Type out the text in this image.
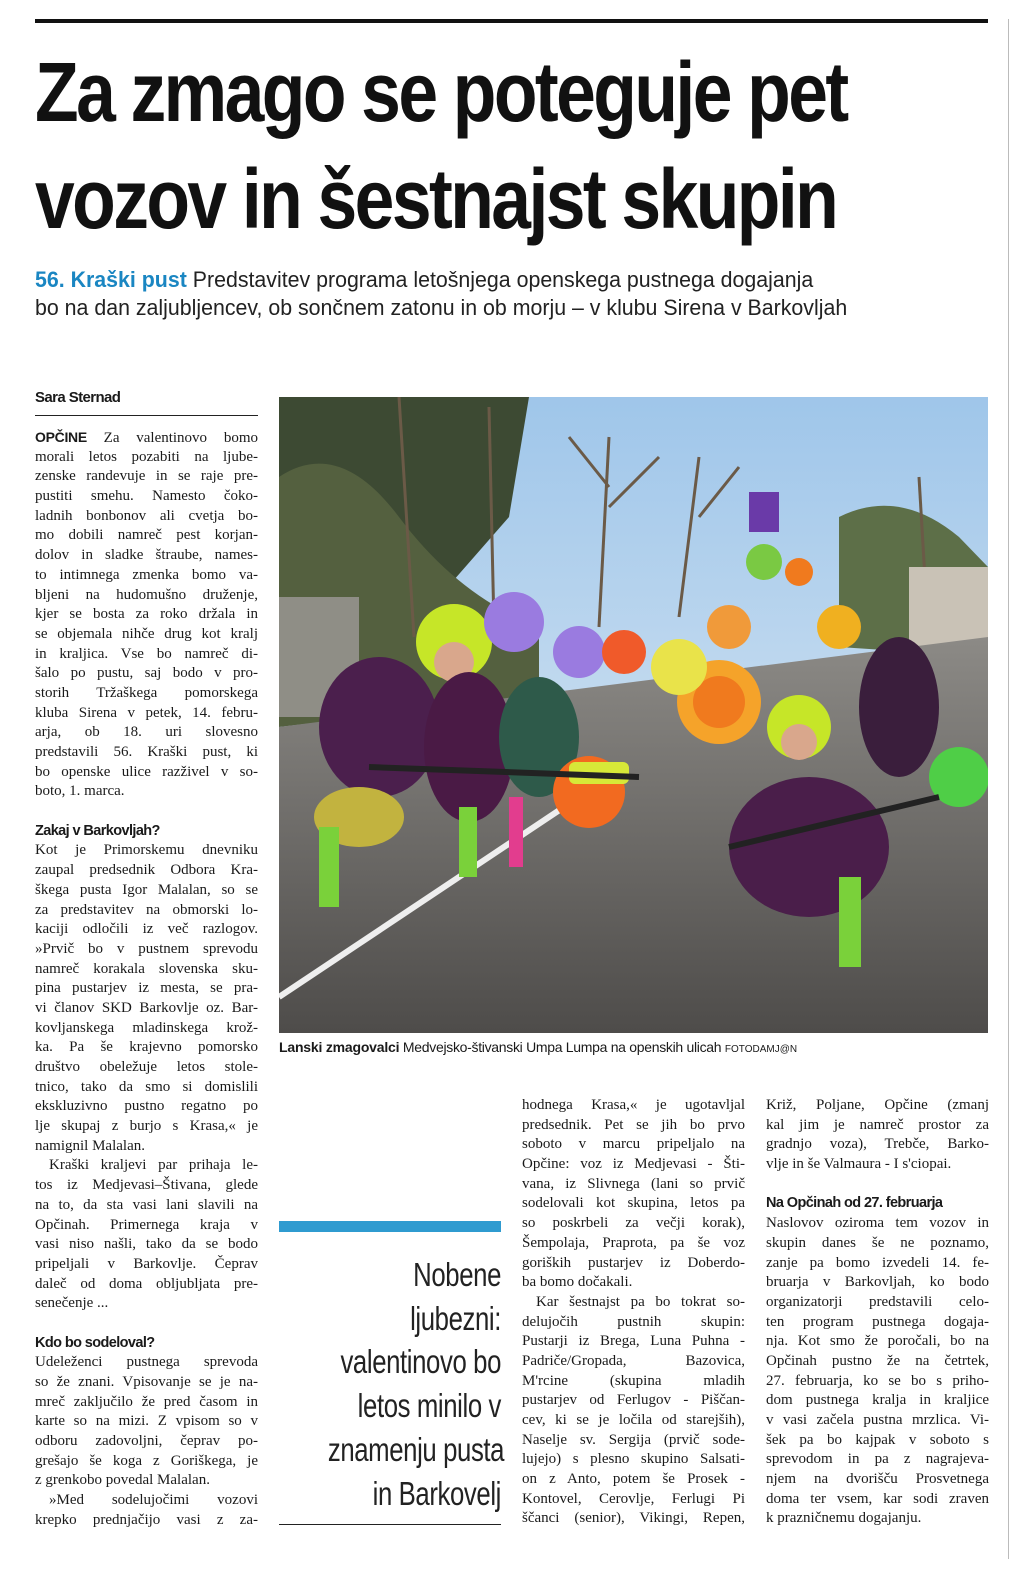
Za zmago se poteguje pet
vozov in šestnajst skupin
56. Kraški pust Predstavitev programa letošnjega openskega pustnega dogajanja
bo na dan zaljubljencev, ob sončnem zatonu in ob morju – v klubu Sirena v Barkovljah
Sara Sternad
OPČINE Za valentinovo bomo
morali letos pozabiti na ljube-
zenske randevuje in se raje pre-
pustiti smehu. Namesto čoko-
ladnih bonbonov ali cvetja bo-
mo dobili namreč pest korjan-
dolov in sladke štraube, names-
to intimnega zmenka bomo va-
bljeni na hudomušno druženje,
kjer se bosta za roko držala in
se objemala nihče drug kot kralj
in kraljica. Vse bo namreč di-
šalo po pustu, saj bodo v pro-
storih Tržaškega pomorskega
kluba Sirena v petek, 14. febru-
arja, ob 18. uri slovesno
predstavili 56. Kraški pust, ki
bo openske ulice razživel v so-
boto, 1. marca.
Zakaj v Barkovljah?
Kot je Primorskemu dnevniku
zaupal predsednik Odbora Kra-
škega pusta Igor Malalan, so se
za predstavitev na obmorski lo-
kaciji odločili iz več razlogov.
»Prvič bo v pustnem sprevodu
namreč korakala slovenska sku-
pina pustarjev iz mesta, se pra-
vi članov SKD Barkovlje oz. Bar-
kovljanskega mladinskega krož-
ka. Pa še krajevno pomorsko
društvo obeležuje letos stole-
tnico, tako da smo si domislili
ekskluzivno pustno regatno po
lje skupaj z burjo s Krasa,« je
namignil Malalan.
Kraški kraljevi par prihaja le-
tos iz Medjevasi–Štivana, glede
na to, da sta vasi lani slavili na
Opčinah. Primernega kraja v
vasi niso našli, tako da se bodo
pripeljali v Barkovlje. Čeprav
daleč od doma obljubljata pre-
senečenje ...
Kdo bo sodeloval?
Udeleženci pustnega sprevoda
so že znani. Vpisovanje se je na-
mreč zaključilo že pred časom in
karte so na mizi. Z vpisom so v
odboru zadovoljni, čeprav po-
grešajo še koga z Goriškega, je
z grenkobo povedal Malalan.
»Med sodelujočimi vozovi
krepko prednjačijo vasi z za-
hodnega Krasa,« je ugotavljal
predsednik. Pet se jih bo prvo
soboto v marcu pripeljalo na
Opčine: voz iz Medjevasi - Šti-
vana, iz Slivnega (lani so prvič
sodelovali kot skupina, letos pa
so poskrbeli za večji korak),
Šempolaja, Praprota, pa še voz
goriških pustarjev iz Doberdo-
ba bomo dočakali.
Kar šestnajst pa bo tokrat so-
delujočih pustnih skupin:
Pustarji iz Brega, Luna Puhna -
Padriče/Gropada, Bazovica,
M'rcine (skupina mladih
pustarjev od Ferlugov - Piščan-
cev, ki se je ločila od starejših),
Naselje sv. Sergija (prvič sode-
lujejo) s plesno skupino Salsati-
on z Anto, potem še Prosek -
Kontovel, Cerovlje, Ferlugi Pi
ščanci (senior), Vikingi, Repen,
Križ, Poljane, Opčine (zmanj
kal jim je namreč prostor za
gradnjo voza), Trebče, Barko-
vlje in še Valmaura - I s'ciopai.
Na Opčinah od 27. februarja
Naslovov oziroma tem vozov in
skupin danes še ne poznamo,
zanje pa bomo izvedeli 14. fe-
bruarja v Barkovljah, ko bodo
organizatorji predstavili celo-
ten program pustnega dogaja-
nja. Kot smo že poročali, bo na
Opčinah pustno že na četrtek,
27. februarja, ko se bo s priho-
dom pustnega kralja in kraljice
v vasi začela pustna mrzlica. Vi-
šek pa bo kajpak v soboto s
sprevodom in pa z nagrajeva-
njem na dvorišču Prosvetnega
doma ter vsem, kar sodi zraven
k prazničnemu dogajanju.
Lanski zmagovalci Medvejsko-štivanski Umpa Lumpa na openskih ulicah FOTODAMJ@N
Nobene
ljubezni:
valentinovo bo
letos minilo v
znamenju pusta
in Barkovelj
